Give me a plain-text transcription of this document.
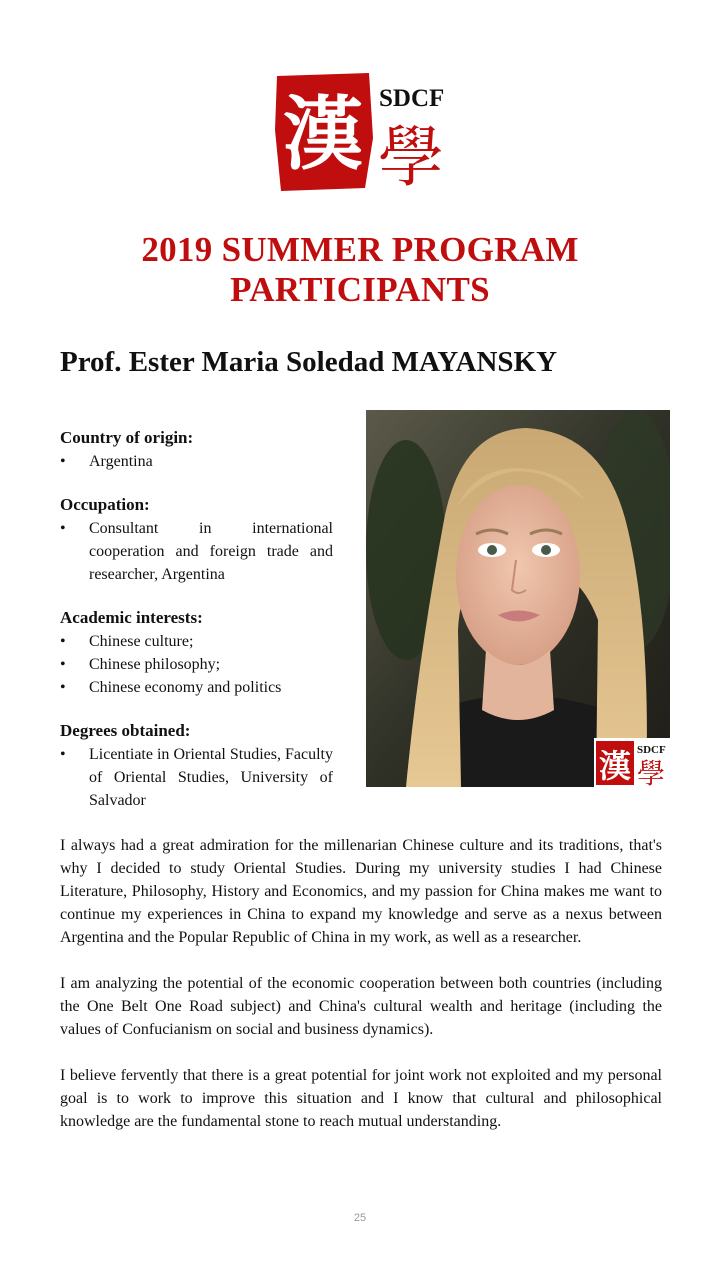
漢 SDCF
學
2019 SUMMER PROGRAM
PARTICIPANTS
Prof. Ester Maria Soledad MAYANSKY
Country of origin:
• Argentina
Occupation:
• Consultant in international cooperation and foreign trade and researcher, Argentina
Academic interests:
• Chinese culture;
• Chinese philosophy;
• Chinese economy and politics
Degrees obtained:
• Licentiate in Oriental Studies, Faculty of Oriental Studies, University of Salvador
漢 SDCF
學

I always had a great admiration for the millenarian Chinese culture and its traditions, that's why I decided to study Oriental Studies. During my university studies I had Chinese Literature, Philosophy, History and Economics, and my passion for China makes me want to continue my experiences in China to expand my knowledge and serve as a nexus between Argentina and the Popular Republic of China in my work, as well as a researcher.

I am analyzing the potential of the economic cooperation between both countries (including the One Belt One Road subject) and China's cultural wealth and heritage (including the values of Confucianism on social and business dynamics).

I believe fervently that there is a great potential for joint work not exploited and my personal goal is to work to improve this situation and I know that cultural and philosophical knowledge are the fundamental stone to reach mutual understanding.

25
